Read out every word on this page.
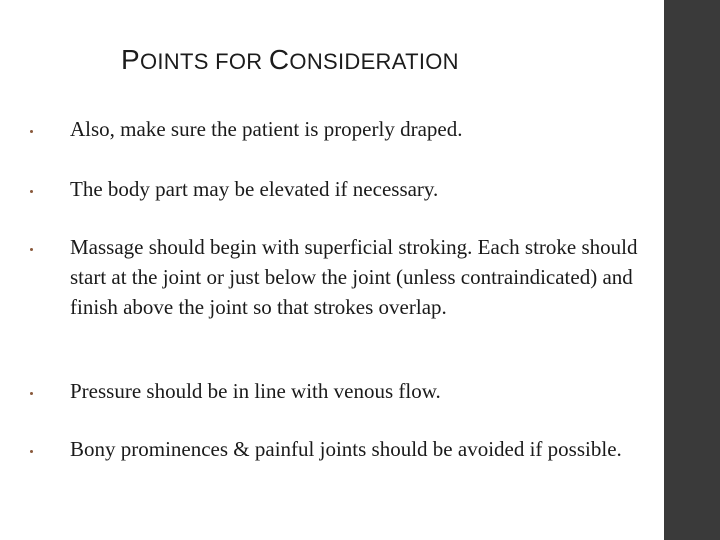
POINTS FOR CONSIDERATION
Also, make sure the patient is properly draped.
The body part may be elevated if necessary.
Massage should begin with superficial stroking. Each stroke should start at the joint or just below the joint (unless contraindicated) and finish above the joint so that strokes overlap.
Pressure should be in line with venous flow.
Bony prominences & painful joints should be avoided if possible.
